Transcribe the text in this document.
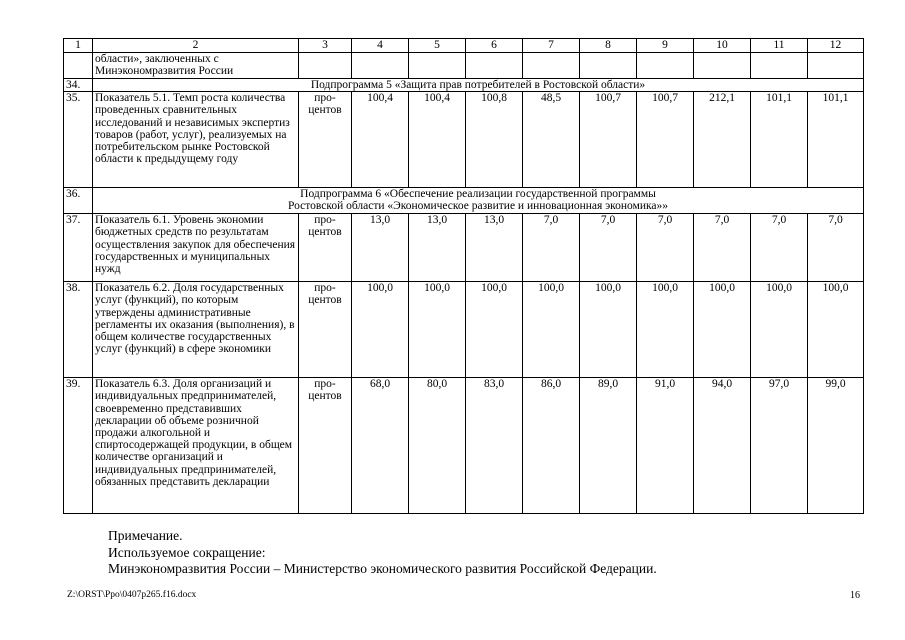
1	2	3	4	5	6	7	8	9	10	11	12
	области», заключенных с Минэкономразвития России										
34.	Подпрограмма 5 «Защита прав потребителей в Ростовской области»										
35.	Показатель 5.1. Темп роста количества проведенных сравнительных исследований и независимых экспертиз товаров (работ, услуг), реализуемых на потребительском рынке Ростовской области к предыдущему году	про-центов	100,4	100,4	100,8	48,5	100,7	100,7	212,1	101,1	101,1
36.	Подпрограмма 6 «Обеспечение реализации государственной программы
Ростовской области «Экономическое развитие и инновационная экономика»»										

37.	Показатель 6.1. Уровень экономии бюджетных средств по результатам осуществления закупок для обеспечения государственных и муниципальных нужд	про-центов	13,0	13,0	13,0	7,0	7,0	7,0	7,0	7,0	7,0
38.	Показатель 6.2. Доля государственных услуг (функций), по которым утверждены административные регламенты их оказания (выполнения), в общем количестве государственных услуг (функций) в сфере экономики	про-центов	100,0	100,0	100,0	100,0	100,0	100,0	100,0	100,0	100,0
39.	Показатель 6.3. Доля организаций и индивидуальных предпринимателей, своевременно представивших декларации об объеме розничной продажи алкогольной и спиртосодержащей продукции, в общем количестве организаций и индивидуальных предпринимателей, обязанных представить декларации	про-центов	68,0	80,0	83,0	86,0	89,0	91,0	94,0	97,0	99,0
Примечание.
Используемое сокращение:
Минэкономразвития России – Министерство экономического развития Российской Федерации.
Z:\ORST\Ppo\0407p265.f16.docx	16
